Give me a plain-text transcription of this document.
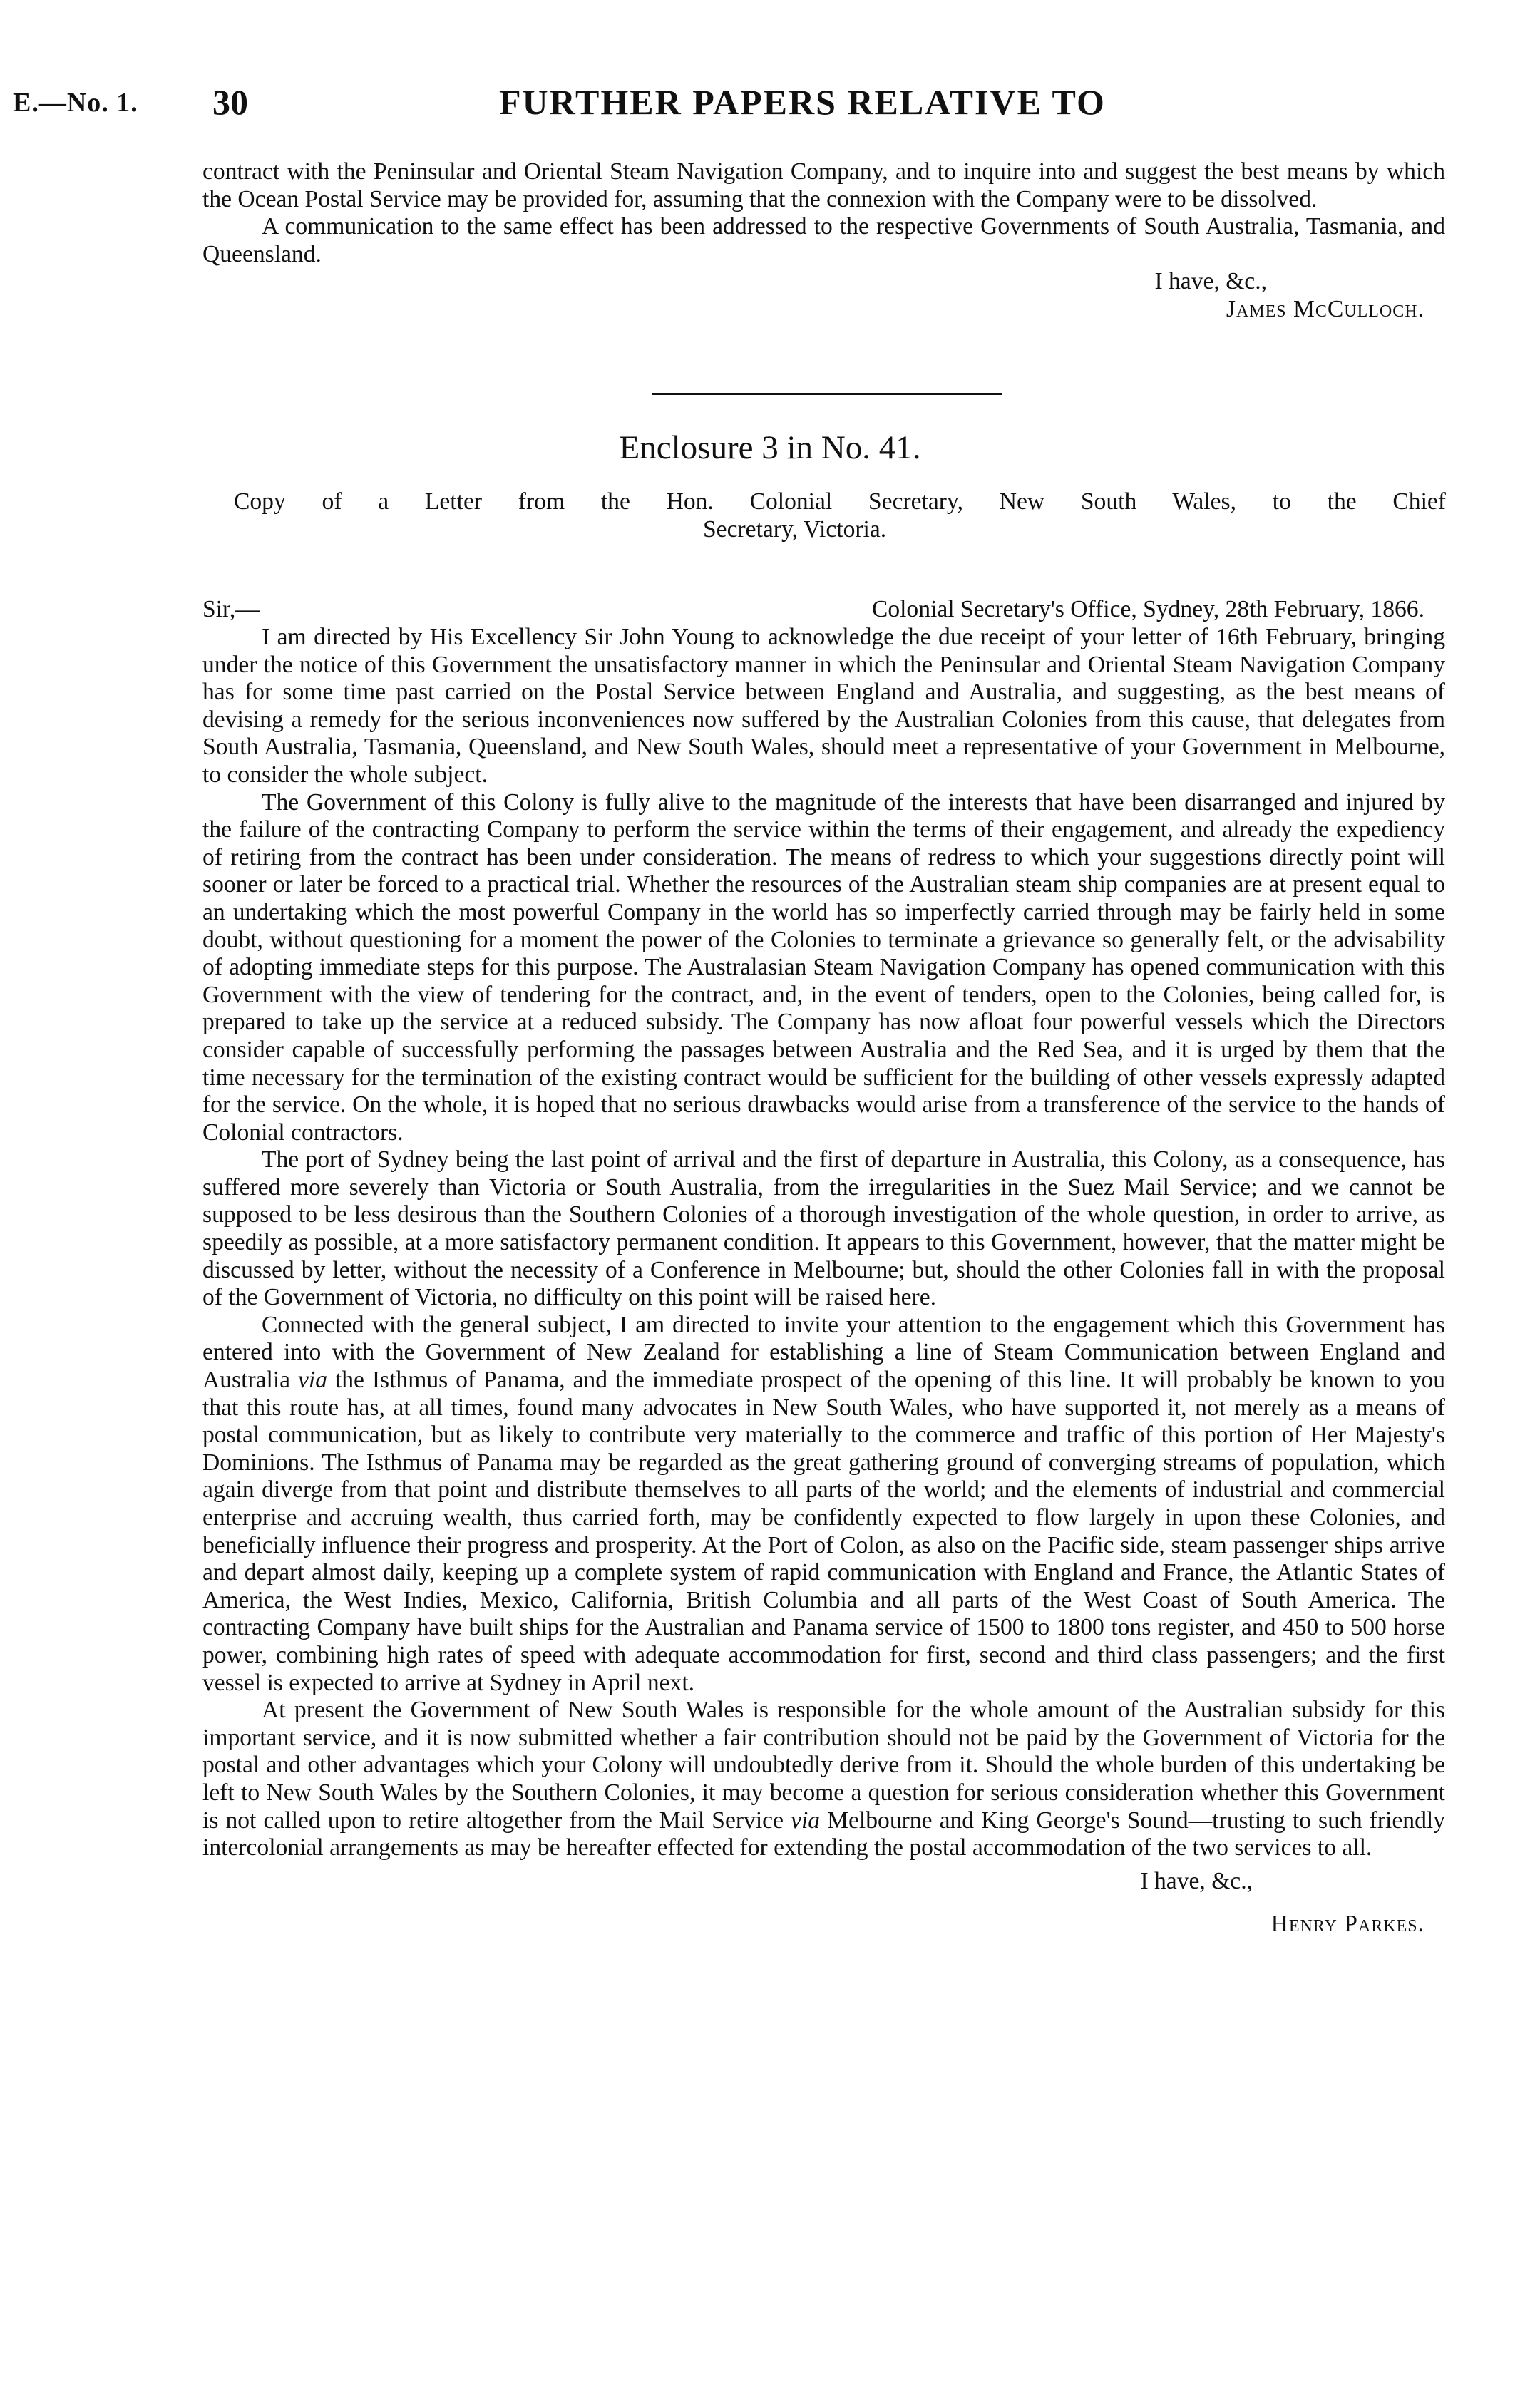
E.—No. 1. 30	FURTHER PAPERS RELATIVE TO

contract with the Peninsular and Oriental Steam Navigation Company, and to inquire into and suggest the best means by which the Ocean Postal Service may be provided for, assuming that the connexion with the Company were to be dissolved.

A communication to the same effect has been addressed to the respective Governments of South Australia, Tasmania, and Queensland.

I have, &c.,

James McCulloch.

Enclosure 3 in No. 41.
Copy of a Letter from the Hon. Colonial Secretary, New South Wales, to the Chief
Secretary, Victoria.
Sir,—	Colonial Secretary's Office, Sydney, 28th February, 1866.

I am directed by His Excellency Sir John Young to acknowledge the due receipt of your letter of 16th February, bringing under the notice of this Government the unsatisfactory manner in which the Peninsular and Oriental Steam Navigation Company has for some time past carried on the Postal Service between England and Australia, and suggesting, as the best means of devising a remedy for the serious inconveniences now suffered by the Australian Colonies from this cause, that delegates from South Australia, Tasmania, Queensland, and New South Wales, should meet a representative of your Government in Melbourne, to consider the whole subject.

The Government of this Colony is fully alive to the magnitude of the interests that have been disarranged and injured by the failure of the contracting Company to perform the service within the terms of their engagement, and already the expediency of retiring from the contract has been under consideration. The means of redress to which your suggestions directly point will sooner or later be forced to a practical trial. Whether the resources of the Australian steam ship companies are at present equal to an undertaking which the most powerful Company in the world has so imperfectly carried through may be fairly held in some doubt, without questioning for a moment the power of the Colonies to terminate a grievance so generally felt, or the advisability of adopting immediate steps for this purpose. The Australasian Steam Navigation Company has opened communication with this Government with the view of tendering for the contract, and, in the event of tenders, open to the Colonies, being called for, is prepared to take up the service at a reduced subsidy. The Company has now afloat four powerful vessels which the Directors consider capable of successfully performing the passages between Australia and the Red Sea, and it is urged by them that the time necessary for the termination of the existing contract would be sufficient for the building of other vessels expressly adapted for the service. On the whole, it is hoped that no serious drawbacks would arise from a transference of the service to the hands of Colonial contractors.

The port of Sydney being the last point of arrival and the first of departure in Australia, this Colony, as a consequence, has suffered more severely than Victoria or South Australia, from the irregularities in the Suez Mail Service; and we cannot be supposed to be less desirous than the Southern Colonies of a thorough investigation of the whole question, in order to arrive, as speedily as possible, at a more satisfactory permanent condition. It appears to this Government, however, that the matter might be discussed by letter, without the necessity of a Conference in Melbourne; but, should the other Colonies fall in with the proposal of the Government of Victoria, no difficulty on this point will be raised here.

Connected with the general subject, I am directed to invite your attention to the engagement which this Government has entered into with the Government of New Zealand for establishing a line of Steam Communication between England and Australia via the Isthmus of Panama, and the immediate prospect of the opening of this line. It will probably be known to you that this route has, at all times, found many advocates in New South Wales, who have supported it, not merely as a means of postal communication, but as likely to contribute very materially to the commerce and traffic of this portion of Her Majesty's Dominions. The Isthmus of Panama may be regarded as the great gathering ground of converging streams of population, which again diverge from that point and distribute themselves to all parts of the world; and the elements of industrial and commercial enterprise and accruing wealth, thus carried forth, may be confidently expected to flow largely in upon these Colonies, and beneficially influence their progress and prosperity. At the Port of Colon, as also on the Pacific side, steam passenger ships arrive and depart almost daily, keeping up a complete system of rapid communication with England and France, the Atlantic States of America, the West Indies, Mexico, California, British Columbia and all parts of the West Coast of South America. The contracting Company have built ships for the Australian and Panama service of 1500 to 1800 tons register, and 450 to 500 horse power, combining high rates of speed with adequate accommodation for first, second and third class passengers; and the first vessel is expected to arrive at Sydney in April next.

At present the Government of New South Wales is responsible for the whole amount of the Australian subsidy for this important service, and it is now submitted whether a fair contribution should not be paid by the Government of Victoria for the postal and other advantages which your Colony will undoubtedly derive from it. Should the whole burden of this undertaking be left to New South Wales by the Southern Colonies, it may become a question for serious consideration whether this Government is not called upon to retire altogether from the Mail Service via Melbourne and King George's Sound—trusting to such friendly intercolonial arrangements as may be hereafter effected for extending the postal accommodation of the two services to all.

I have, &c.,

Henry Parkes.
